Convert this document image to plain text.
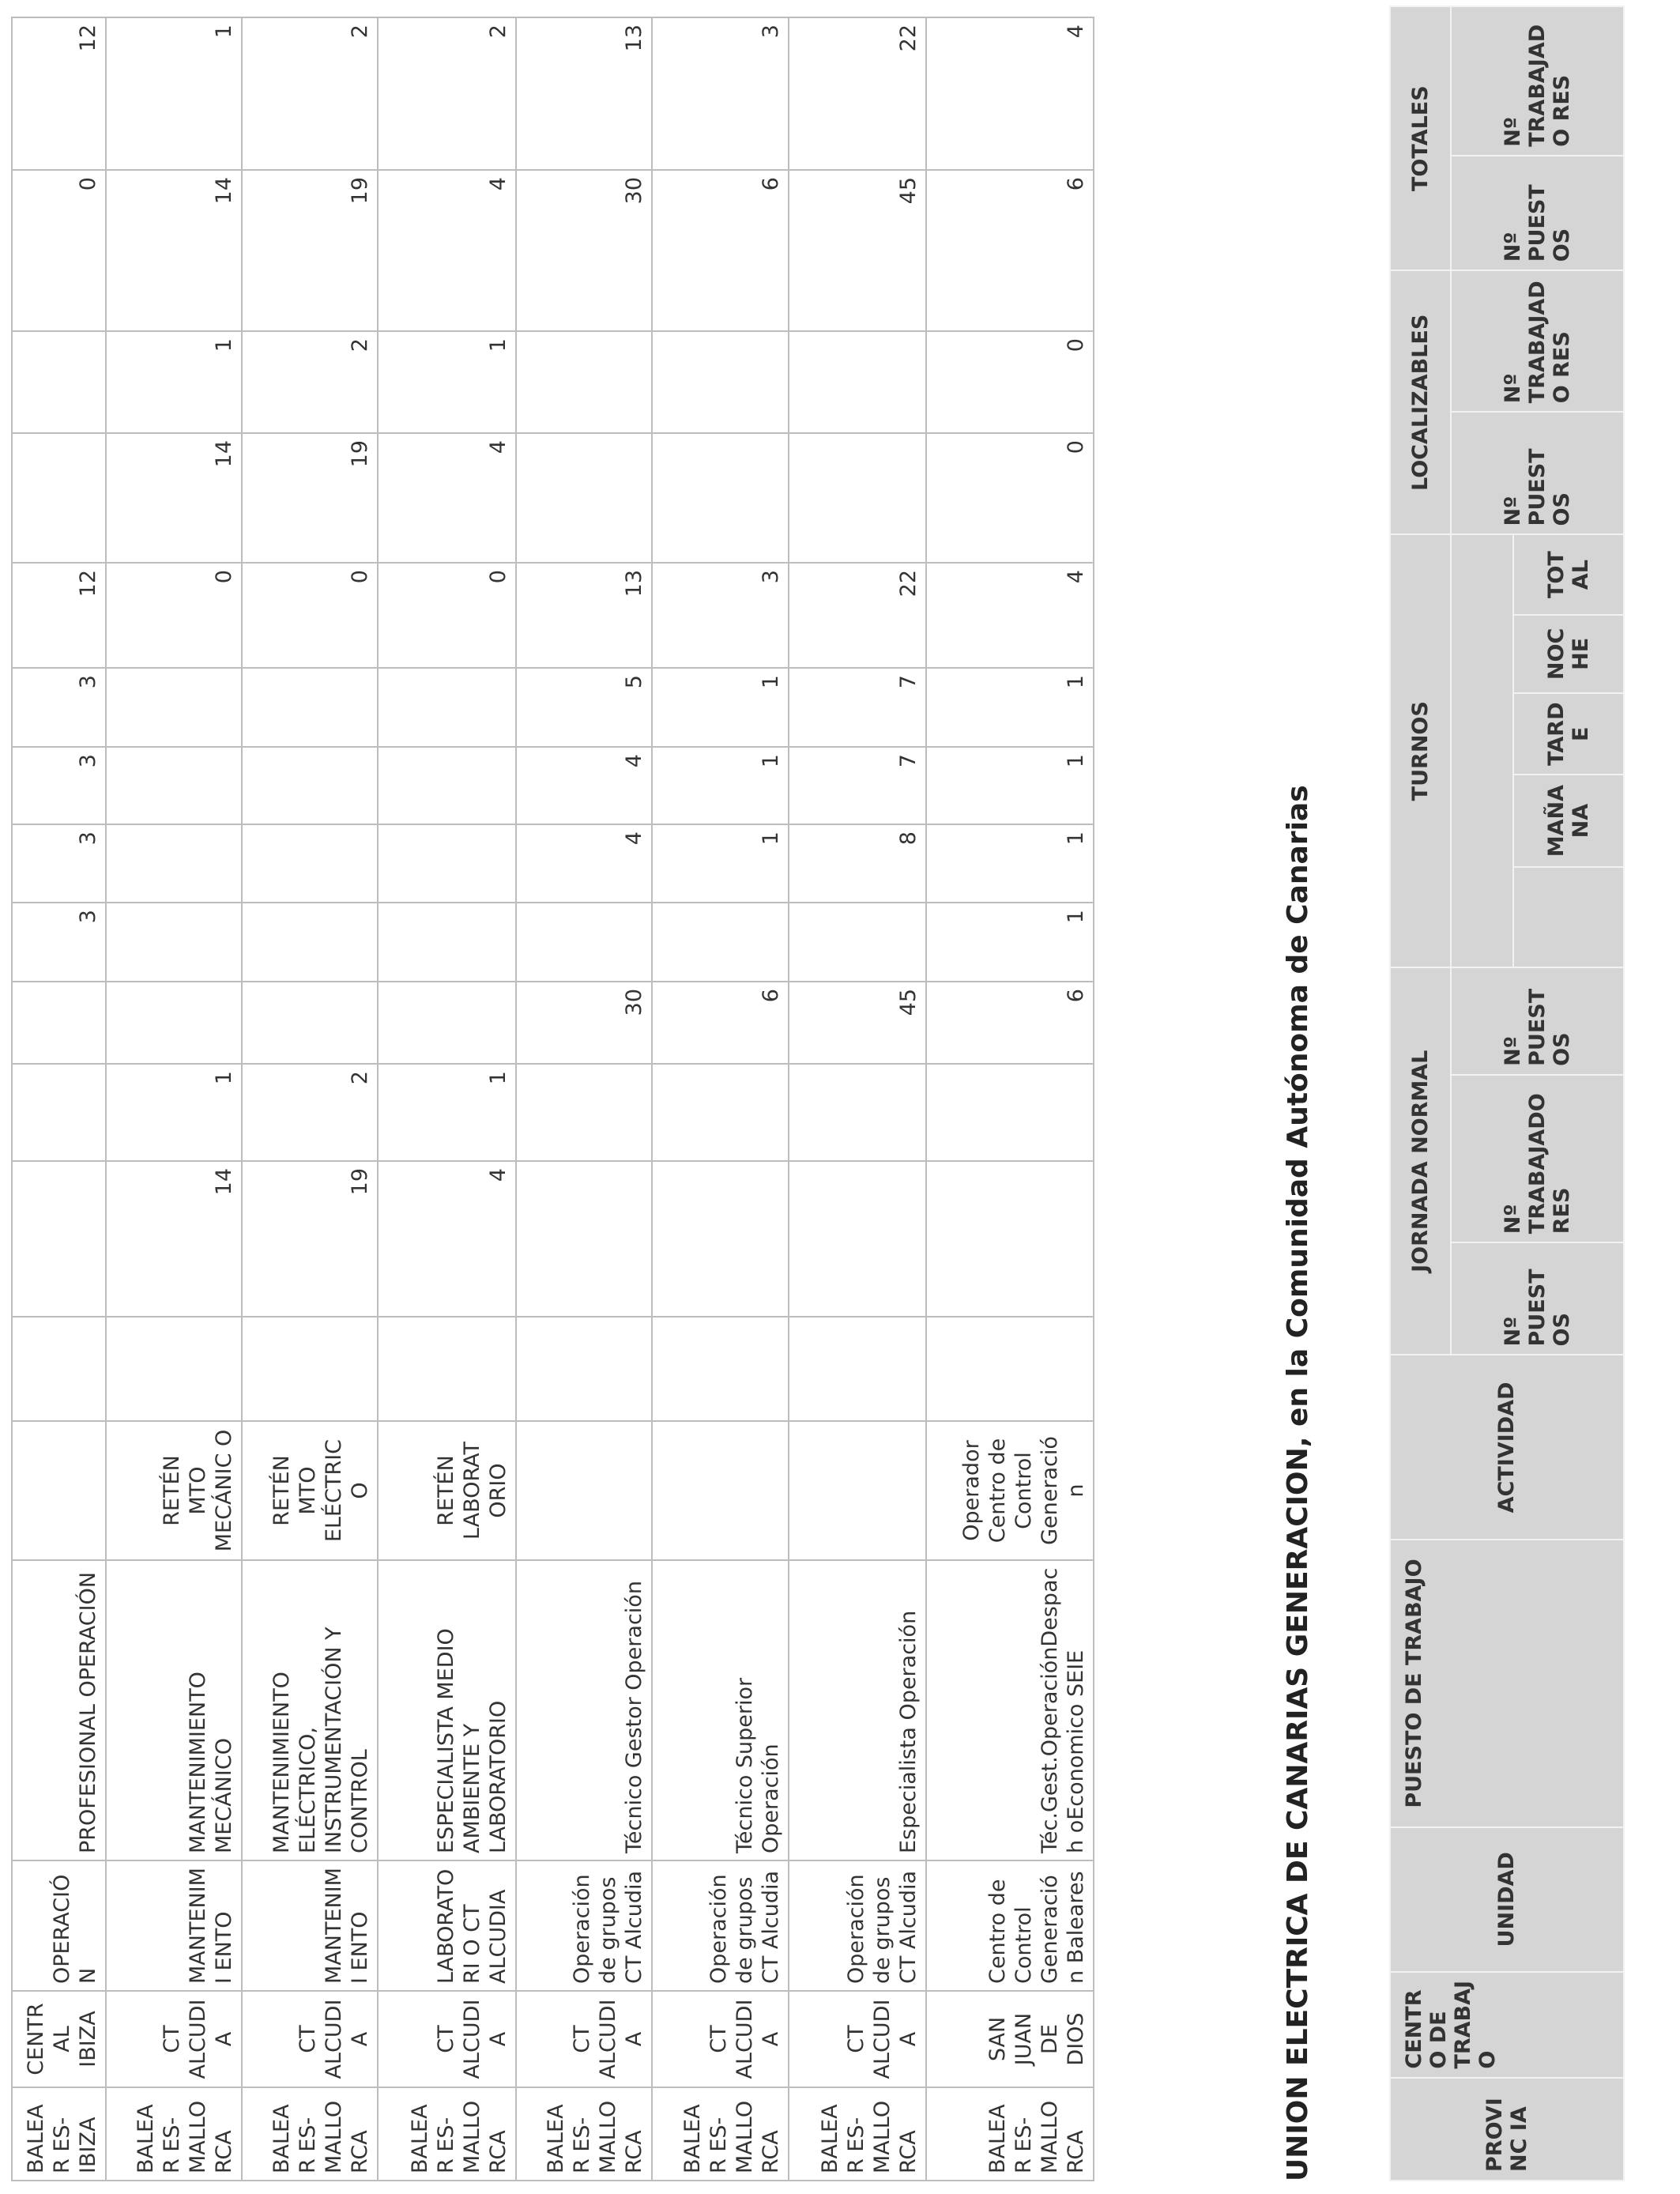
BALEAR ES-IBIZA	CENTR AL IBIZA	OPERACIÓN	PROFESIONAL OPERACIÓN						3	3	3	3	12			0	12
BALEAR ES-MALLO RCA	CT ALCUDI A	MANTENIMI ENTO	MANTENIMIENTO MECÁNICO	RETÉN MTO MECÁNIC O		14	1						0	14	1	14	1
BALEAR ES-MALLO RCA	CT ALCUDI A	MANTENIMI ENTO	MANTENIMIENTO ELÉCTRICO, INSTRUMENTACIÓN Y CONTROL	RETÉN MTO ELÉCTRIC O		19	2						0	19	2	19	2
BALEAR ES-MALLO RCA	CT ALCUDI A	LABORATORI O CT ALCUDIA	ESPECIALISTA MEDIO AMBIENTE Y LABORATORIO	RETÉN LABORAT ORIO		4	1						0	4	1	4	2
BALEAR ES-MALLO RCA	CT ALCUDI A	Operación de grupos CT Alcudia	Técnico Gestor Operación					30		4	4	5	13			30	13
BALEAR ES-MALLO RCA	CT ALCUDI A	Operación de grupos CT Alcudia	Técnico Superior Operación					6		1	1	1	3			6	3
BALEAR ES-MALLO RCA	CT ALCUDI A	Operación de grupos CT Alcudia	Especialista Operación					45		8	7	7	22			45	22
BALEAR ES-MALLO RCA	SAN JUAN DE DIOS	Centro de Control Generación Baleares	Téc.Gest.OperaciónDespach oEconomico SEIE	Operador Centro de Control Generació n				6	1	1	1	1	4	0	0	6	4
UNION ELECTRICA DE CANARIAS GENERACION, en la Comunidad Autónoma de Canarias	PROVINC IA	CENTRO DE TRABAJO	UNIDAD	PUESTO DE TRABAJO	ACTIVIDAD	JORNADA NORMAL			TURNOS					LOCALIZABLES		TOTALES	
					Nº PUEST OS	Nº TRABAJADO RES	Nº PUEST OS						Nº PUEST OS	Nº TRABAJADO RES	Nº PUEST OS	Nº TRABAJADO RES
									MAÑA NA	TARD E	NOC HE	TOT AL				
